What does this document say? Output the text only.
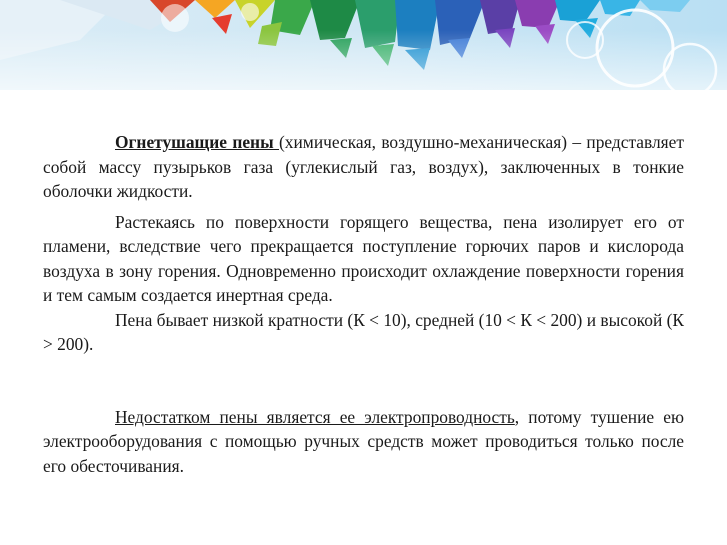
Огнетушащие пены (химическая, воздушно-механическая) – представляет собой массу пузырьков газа (углекислый газ, воздух), заключенных в тонкие оболочки жидкости.

Растекаясь по поверхности горящего вещества, пена изолирует его от пламени, вследствие чего прекращается поступление горючих паров и кислорода воздуха в зону горения. Одновременно происходит охлаждение поверхности горения и тем самым создается инертная среда.

Пена бывает низкой кратности (К < 10), средней (10 < К < 200) и высокой (К > 200).

Недостатком пены является ее электропроводность, потому тушение ею электрооборудования с помощью ручных средств может проводиться только после его обесточивания.
